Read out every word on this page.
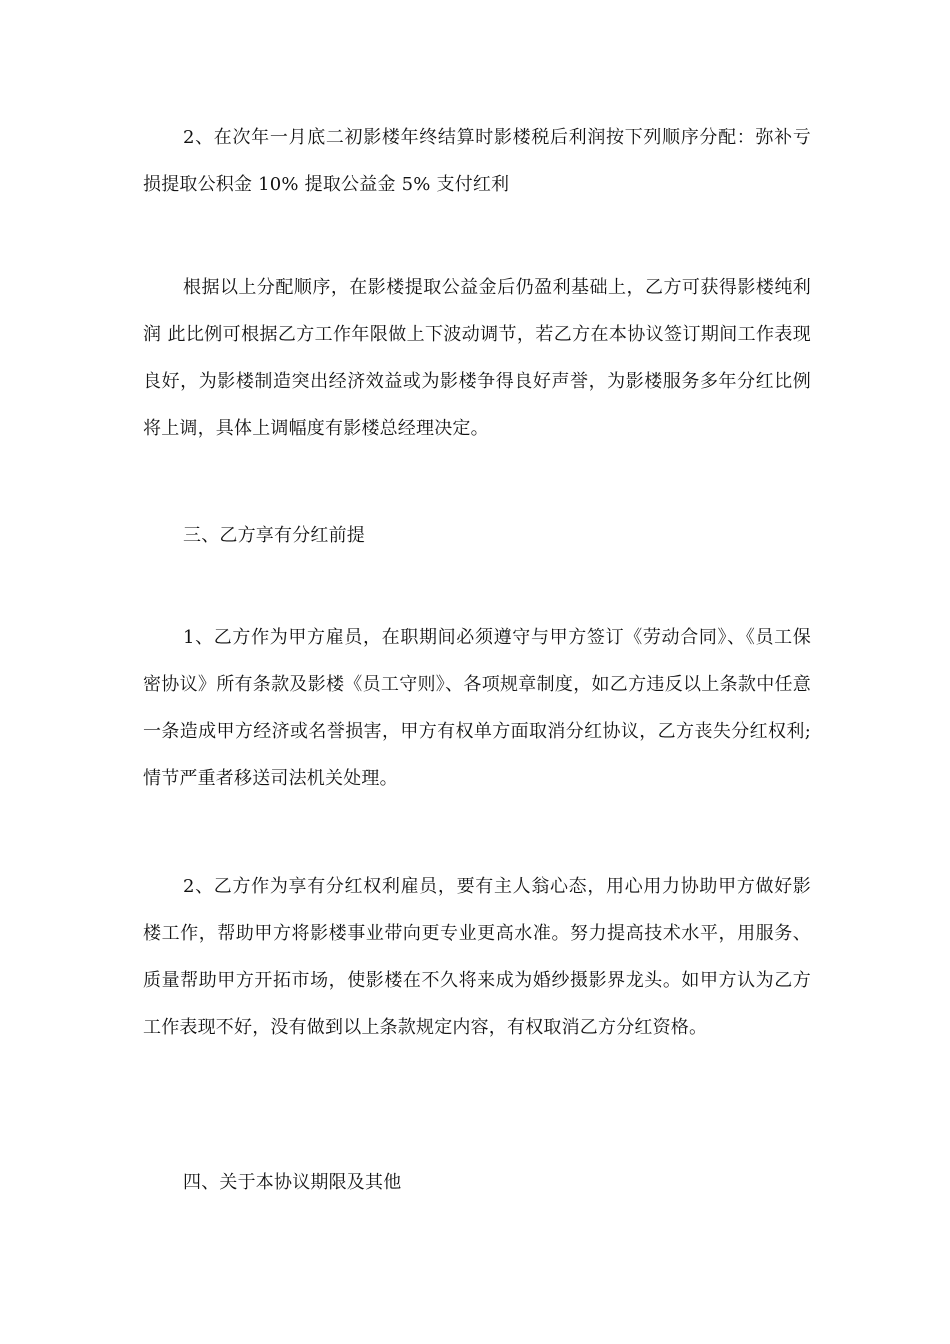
2、在次年一月底二初影楼年终结算时影楼税后利润按下列顺序分配：弥补亏损提取公积金 10% 提取公益金 5% 支付红利

根据以上分配顺序，在影楼提取公益金后仍盈利基础上，乙方可获得影楼纯利润 此比例可根据乙方工作年限做上下波动调节，若乙方在本协议签订期间工作表现良好，为影楼制造突出经济效益或为影楼争得良好声誉，为影楼服务多年分红比例将上调，具体上调幅度有影楼总经理决定。

三、乙方享有分红前提

1、乙方作为甲方雇员，在职期间必须遵守与甲方签订《劳动合同》、《员工保密协议》所有条款及影楼《员工守则》、各项规章制度，如乙方违反以上条款中任意一条造成甲方经济或名誉损害，甲方有权单方面取消分红协议，乙方丧失分红权利;情节严重者移送司法机关处理。

2、乙方作为享有分红权利雇员，要有主人翁心态，用心用力协助甲方做好影楼工作，帮助甲方将影楼事业带向更专业更高水准。努力提高技术水平，用服务、质量帮助甲方开拓市场，使影楼在不久将来成为婚纱摄影界龙头。如甲方认为乙方工作表现不好，没有做到以上条款规定内容，有权取消乙方分红资格。

四、关于本协议期限及其他
